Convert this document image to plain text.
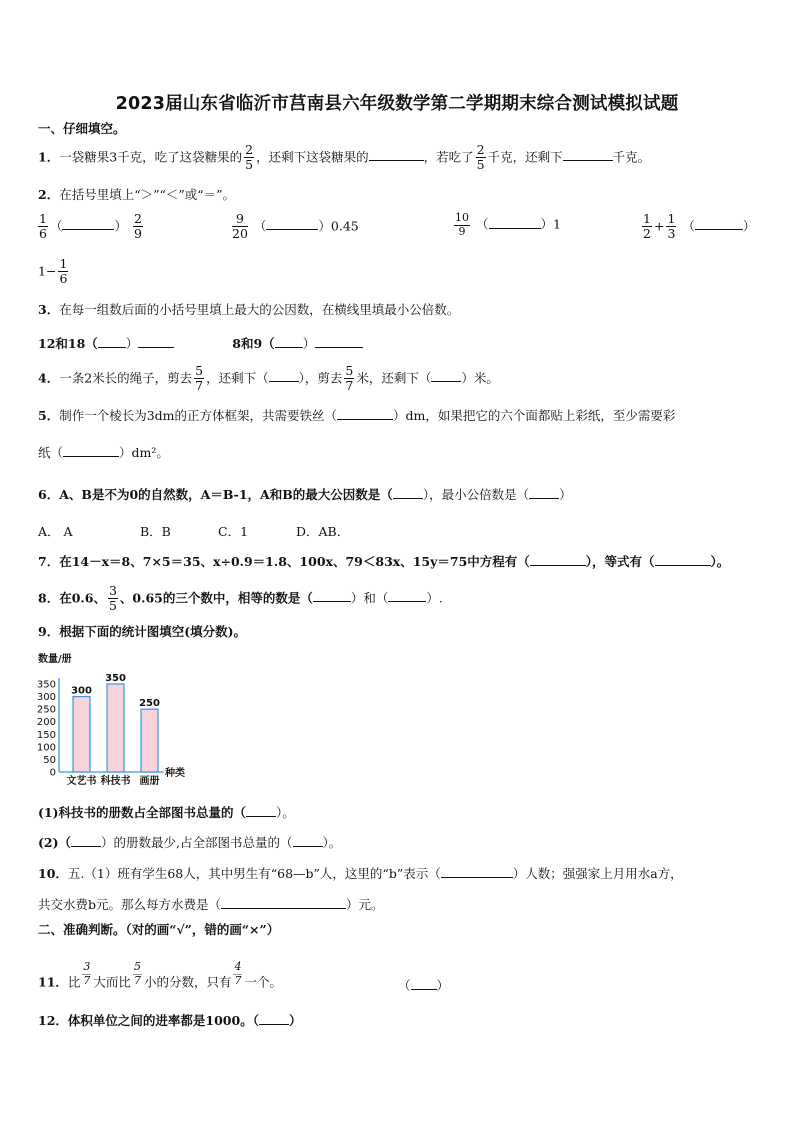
2023届山东省临沂市莒南县六年级数学第二学期期末综合测试模拟试题
一、仔细填空。
1．一袋糖果3千克，吃了这袋糖果的 $\frac{2}{5}$ ，还剩下这袋糖果的	，若吃了 $\frac{2}{5}$ 千克，还剩下	千克。
2．在括号里填上“＞”“＜”或“＝”。
$\frac{1}{6}$ （	） $\frac{2}{9}$	$\frac{9}{20}$ （	）0.45	$\frac{10}{9}$ （	）1	$\frac{1}{2} + \frac{1}{3}$ （	）
$1- \frac{1}{6}$
3．在每一组数后面的小括号里填上最大的公因数，在横线里填最小公倍数。
12和18（ ）	8和9（ ）
4．一条2米长的绳子，剪去 $\frac{5}{7}$ ，还剩下（ ），剪去 $\frac{5}{7}$ 米，还剩下（ ）米。
5．制作一个棱长为3dm的正方体框架，共需要铁丝（	）dm，如果把它的六个面都贴上彩纸，至少需要彩
纸（	）dm²。
6．A、B是不为0的自然数，A＝B-1，A和B的最大公因数是（ ），最小公倍数是（ ）
A． A	B．B	C．1	D．AB．
7．在14－x＝8、7×5＝35、x÷0.9＝1.8、100x、79＜83x、15y＝75中方程有（	），等式有（	）。
8．在0.6、 $\frac{3}{5}$ 、0.65的三个数中，相等的数是（	）和（	）.
9．根据下面的统计图填空(填分数)。
数量/册
0
50
100
150
200
250
300
350
300
350
250
文艺书 科技书 画册
种类
(1)科技书的册数占全部图书总量的（ ）。
(2)（ ）的册数最少,占全部图书总量的（ ）。
10．五.（1）班有学生68人，其中男生有“68—b”人，这里的“b”表示（	）人数；强强家上月用水a方，
共交水费b元。那么每方水费是（	）元。
二、准确判断。（对的画“√”，错的画“×”）
11．比 $\frac{3}{7}$ 大而比 $\frac{5}{7}$ 小的分数，只有 $\frac{4}{7}$ 一个。	（ ）
12．体积单位之间的进率都是1000。（ ）
